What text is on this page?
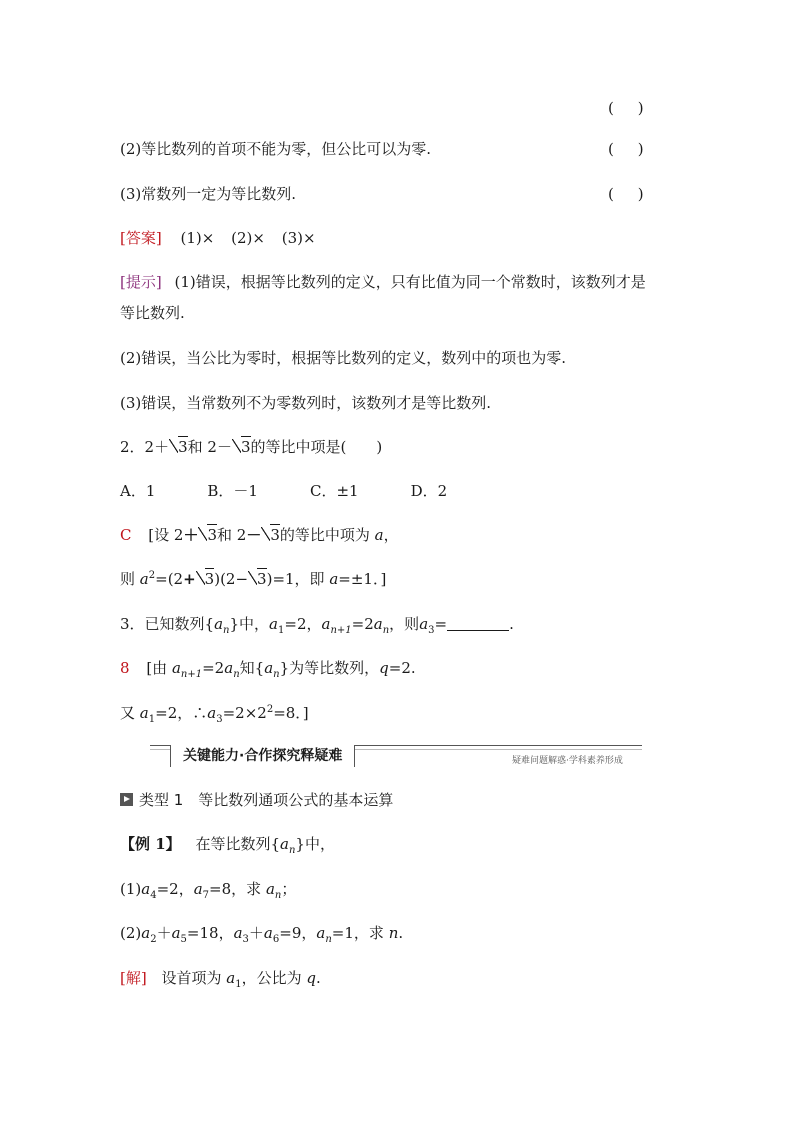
(     )
(2)等比数列的首项不能为零，但公比可以为零.	(     )
(3)常数列一定为等比数列.	(     )
[答案] (1)× (2)× (3)×
[提示] (1)错误，根据等比数列的定义，只有比值为同一个常数时，该数列才是
等比数列.
(2)错误，当公比为零时，根据等比数列的定义，数列中的项也为零.
(3)错误，当常数列不为零数列时，该数列才是等比数列.
2．2＋ 3和 2－ 3的等比中项是(　　)
A．1	B．－1	C．±1	D．2
C [设 2＋ 3和 2－ 3的等比中项为 a，
则 $a^2=(2+ 3)(2- 3)=1$，即 a=±1．]
3．已知数列$\{a_n\}$中，$a_1=2$，$a_{n+1}=2a_n$，则$a_3=$	.
8 [由 $a_{n+1}=2a_n$知$\{a_n\}$为等比数列，q=2.
又 $a_1=2$，$\therefore a_3=2\times 2^2=8$．]
关键能力·合作探究释疑难	疑难问题解惑·学科素养形成
类型 1　等比数列通项公式的基本运算
【例 1】 在等比数列$\{a_n\}$中，
$(1)a_4=2$，$a_7=8$，求 $a_n$；
$(2)a_2+a_5=18$，$a_3+a_6=9$，$a_n=1$，求 n.
[解] 设首项为 $a_1$，公比为 q.
